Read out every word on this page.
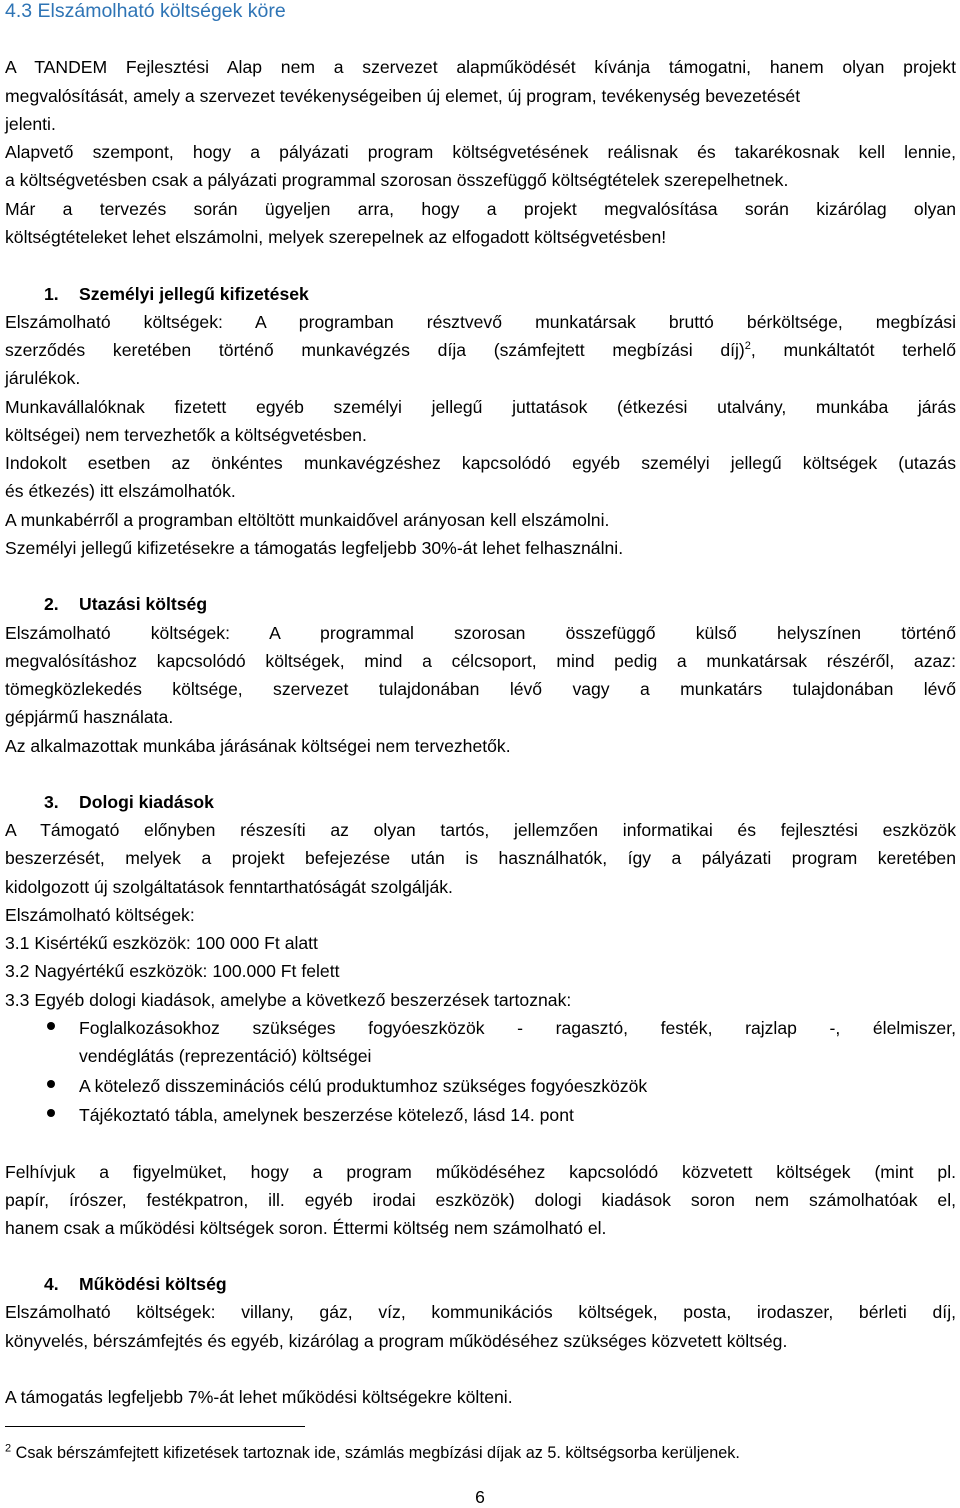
4.3 Elszámolható költségek köre
A TANDEM Fejlesztési Alap nem a szervezet alapműködését kívánja támogatni, hanem olyan projekt
megvalósítását, amely a szervezet tevékenységeiben új elemet, új program, tevékenység bevezetését
jelenti.
Alapvető szempont, hogy a pályázati program költségvetésének reálisnak és takarékosnak kell lennie,
a költségvetésben csak a pályázati programmal szorosan összefüggő költségtételek szerepelhetnek.
Már a tervezés során ügyeljen arra, hogy a projekt megvalósítása során kizárólag olyan
költségtételeket lehet elszámolni, melyek szerepelnek az elfogadott költségvetésben!
1. Személyi jellegű kifizetések
Elszámolható költségek: A programban résztvevő munkatársak bruttó bérköltsége, megbízási
szerződés keretében történő munkavégzés díja (számfejtett megbízási díj)$^2$, munkáltatót terhelő
járulékok.
Munkavállalóknak fizetett egyéb személyi jellegű juttatások (étkezési utalvány, munkába járás
költségei) nem tervezhetők a költségvetésben.
Indokolt esetben az önkéntes munkavégzéshez kapcsolódó egyéb személyi jellegű költségek (utazás
és étkezés) itt elszámolhatók.
A munkabérről a programban eltöltött munkaidővel arányosan kell elszámolni.
Személyi jellegű kifizetésekre a támogatás legfeljebb 30%-át lehet felhasználni.
2. Utazási költség
Elszámolható költségek: A programmal szorosan összefüggő külső helyszínen történő
megvalósításhoz kapcsolódó költségek, mind a célcsoport, mind pedig a munkatársak részéről, azaz:
tömegközlekedés költsége, szervezet tulajdonában lévő vagy a munkatárs tulajdonában lévő
gépjármű használata.
Az alkalmazottak munkába járásának költségei nem tervezhetők.
3. Dologi kiadások
A Támogató előnyben részesíti az olyan tartós, jellemzően informatikai és fejlesztési eszközök
beszerzését, melyek a projekt befejezése után is használhatók, így a pályázati program keretében
kidolgozott új szolgáltatások fenntarthatóságát szolgálják.
Elszámolható költségek:
3.1 Kisértékű eszközök: 100 000 Ft alatt
3.2 Nagyértékű eszközök: 100.000 Ft felett
3.3 Egyéb dologi kiadások, amelybe a következő beszerzések tartoznak:
Foglalkozásokhoz szükséges fogyóeszközök - ragasztó, festék, rajzlap -, élelmiszer,
vendéglátás (reprezentáció) költségei
A kötelező disszeminációs célú produktumhoz szükséges fogyóeszközök
Tájékoztató tábla, amelynek beszerzése kötelező, lásd 14. pont
Felhívjuk a figyelmüket, hogy a program működéséhez kapcsolódó közvetett költségek (mint pl.
papír, írószer, festékpatron, ill. egyéb irodai eszközök) dologi kiadások soron nem számolhatóak el,
hanem csak a működési költségek soron. Éttermi költség nem számolható el.
4. Működési költség
Elszámolható költségek: villany, gáz, víz, kommunikációs költségek, posta, irodaszer, bérleti díj,
könyvelés, bérszámfejtés és egyéb, kizárólag a program működéséhez szükséges közvetett költség.
A támogatás legfeljebb 7%-át lehet működési költségekre költeni.
$^2$ Csak bérszámfejtett kifizetések tartoznak ide, számlás megbízási díjak az 5. költségsorba kerüljenek.
6
